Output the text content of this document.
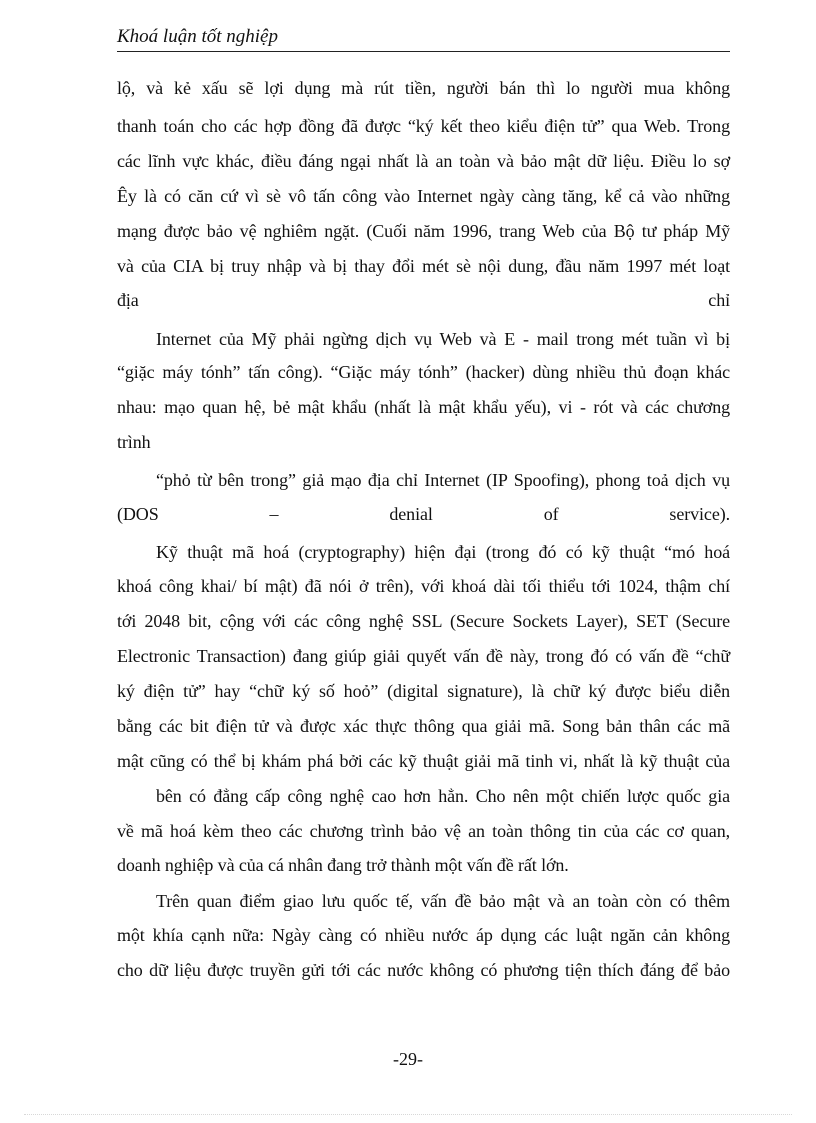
Khoá luận tốt nghiệp
lộ, và kẻ xấu sẽ lợi dụng mà rút tiền, người bán thì lo người mua không
thanh toán cho các hợp đồng đã được “ký kết theo kiểu điện tử” qua Web. Trong
các lĩnh vực khác, điều đáng ngại nhất là an toàn và bảo mật dữ liệu. Điều lo sợ
Êy là có căn cứ vì sè vô tấn công vào Internet ngày càng tăng, kể cả vào những
mạng được bảo vệ nghiêm ngặt. (Cuối năm 1996, trang Web của Bộ tư pháp Mỹ
và của CIA bị truy nhập và bị thay đổi mét sè nội dung, đầu năm 1997 mét loạt
địa chỉ
Internet của Mỹ phải ngừng dịch vụ Web và E - mail trong mét tuần vì bị
“giặc máy tónh” tấn công). “Giặc máy tónh” (hacker) dùng nhiều thủ đoạn khác
nhau: mạo quan hệ, bẻ mật khẩu (nhất là mật khẩu yếu), vi - rót và các chương
trình
“phỏ từ bên trong” giả mạo địa chỉ Internet (IP Spoofing), phong toả dịch vụ
(DOS – denial of service).
Kỹ thuật mã hoá (cryptography) hiện đại (trong đó có kỹ thuật “mó hoá
khoá công khai/ bí mật) đã nói ở trên), với khoá dài tối thiểu tới 1024, thậm chí
tới 2048 bit, cộng với các công nghệ SSL (Secure Sockets Layer), SET (Secure
Electronic Transaction) đang giúp giải quyết vấn đề này, trong đó có vấn đề “chữ
ký điện tử” hay “chữ ký số hoỏ” (digital signature), là chữ ký được biểu diễn
bằng các bit điện tử và được xác thực thông qua giải mã. Song bản thân các mã
mật cũng có thể bị khám phá bởi các kỹ thuật giải mã tinh vi, nhất là kỹ thuật của
bên có đẳng cấp công nghệ cao hơn hẳn. Cho nên một chiến lược quốc gia
về mã hoá kèm theo các chương trình bảo vệ an toàn thông tin của các cơ quan,
doanh nghiệp và của cá nhân đang trở thành một vấn đề rất lớn.
Trên quan điểm giao lưu quốc tế, vấn đề bảo mật và an toàn còn có thêm
một khía cạnh nữa: Ngày càng có nhiều nước áp dụng các luật ngăn cản không
cho dữ liệu được truyền gửi tới các nước không có phương tiện thích đáng để bảo
-29-
